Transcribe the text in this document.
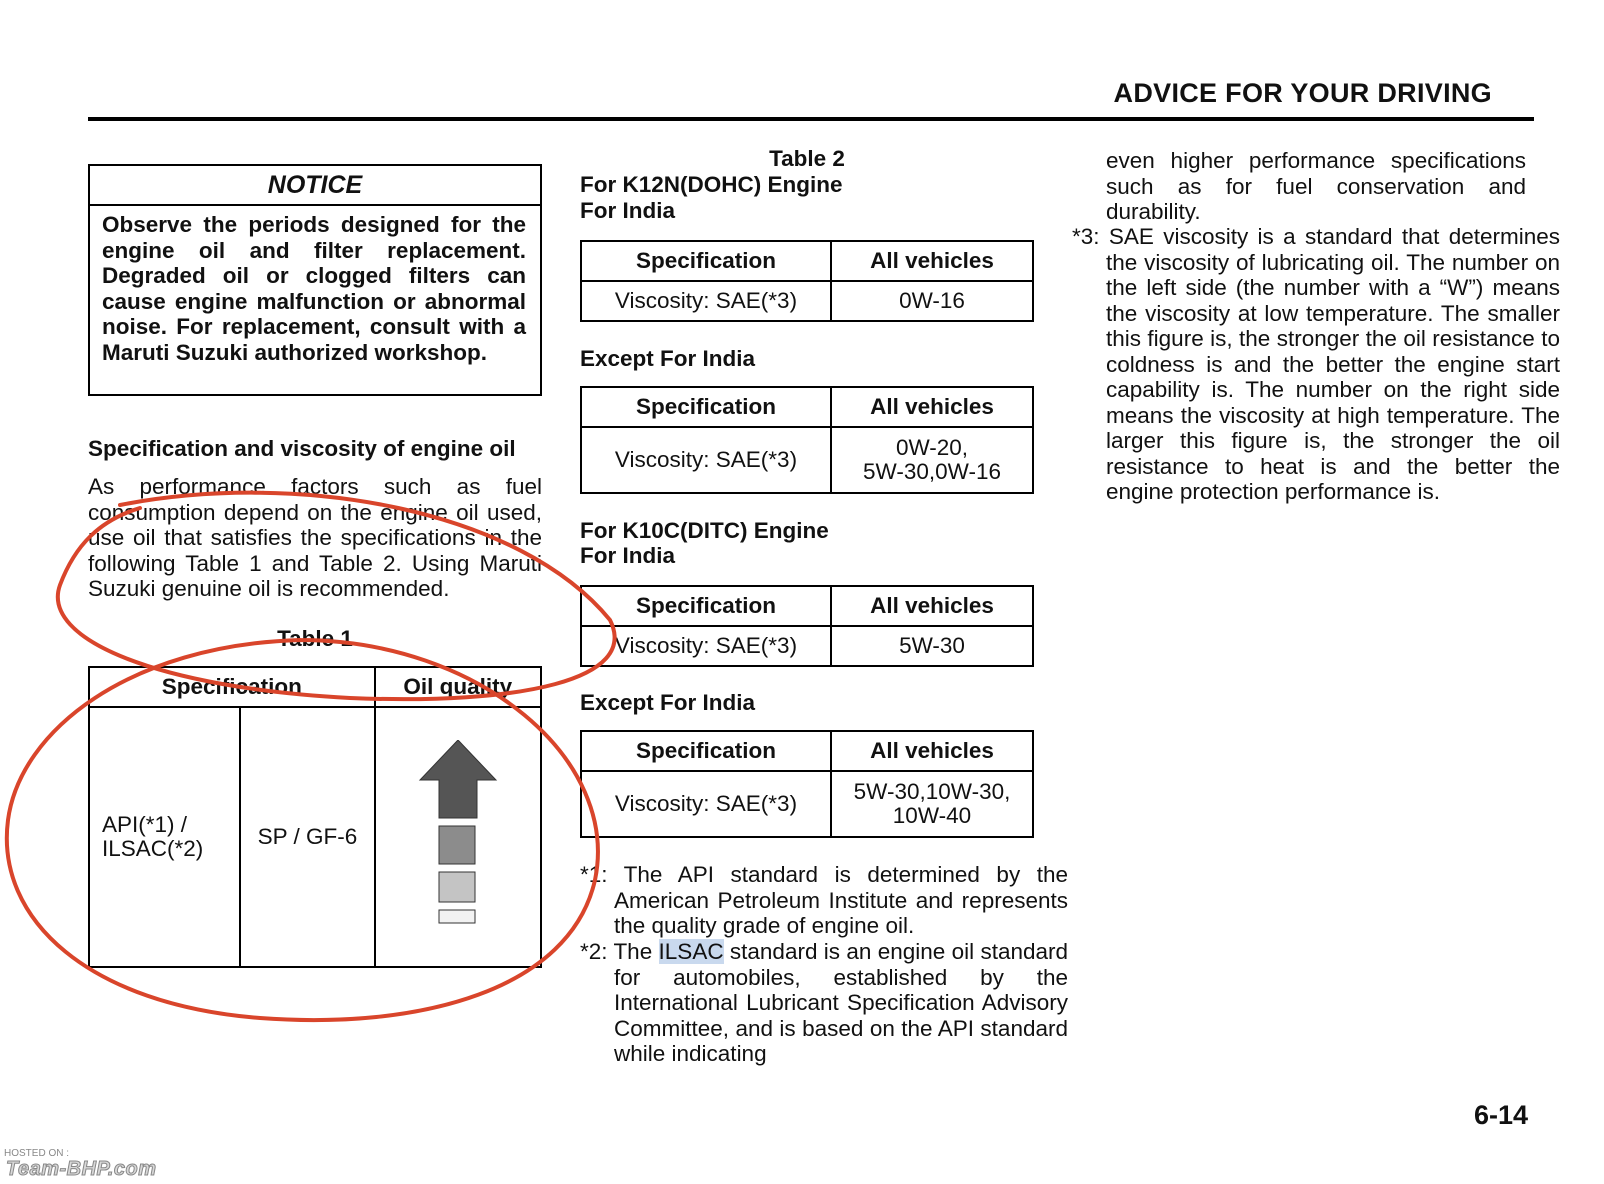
ADVICE FOR YOUR DRIVING
NOTICE
Observe the periods designed for the engine oil and filter replacement. Degraded oil or clogged filters can cause engine malfunction or abnormal noise. For replacement, consult with a Maruti Suzuki authorized workshop.
Specification and viscosity of engine oil
As performance factors such as fuel consumption depend on the engine oil used, use oil that satisfies the specifications in the following Table 1 and Table 2. Using Maruti Suzuki genuine oil is recommended.
Table 1
Specification		Oil quality
API(*1) / ILSAC(*2)	SP / GF-6	
Table 2
For K12N(DOHC) Engine
For India
Specification	All vehicles
Viscosity: SAE(*3)	0W-16
Except For India
Specification	All vehicles
Viscosity: SAE(*3)	0W-20,
5W-30,0W-16
For K10C(DITC) Engine
For India
Specification	All vehicles
Viscosity: SAE(*3)	5W-30
Except For India
Specification	All vehicles
Viscosity: SAE(*3)	5W-30,10W-30,
10W-40
*1: The API standard is determined by the American Petroleum Institute and represents the quality grade of engine oil.
*2: The ILSAC standard is an engine oil standard for automobiles, established by the International Lubricant Specification Advisory Committee, and is based on the API standard while indicating
even higher performance specifications such as for fuel conservation and durability.
*3: SAE viscosity is a standard that determines the viscosity of lubricating oil. The number on the left side (the number with a “W”) means the viscosity at low temperature. The smaller this figure is, the stronger the oil resistance to coldness is and the better the engine start capability is. The number on the right side means the viscosity at high temperature. The larger this figure is, the stronger the oil resistance to heat is and the better the engine protection performance is.
6-14
HOSTED ON :
Team-BHP.com
